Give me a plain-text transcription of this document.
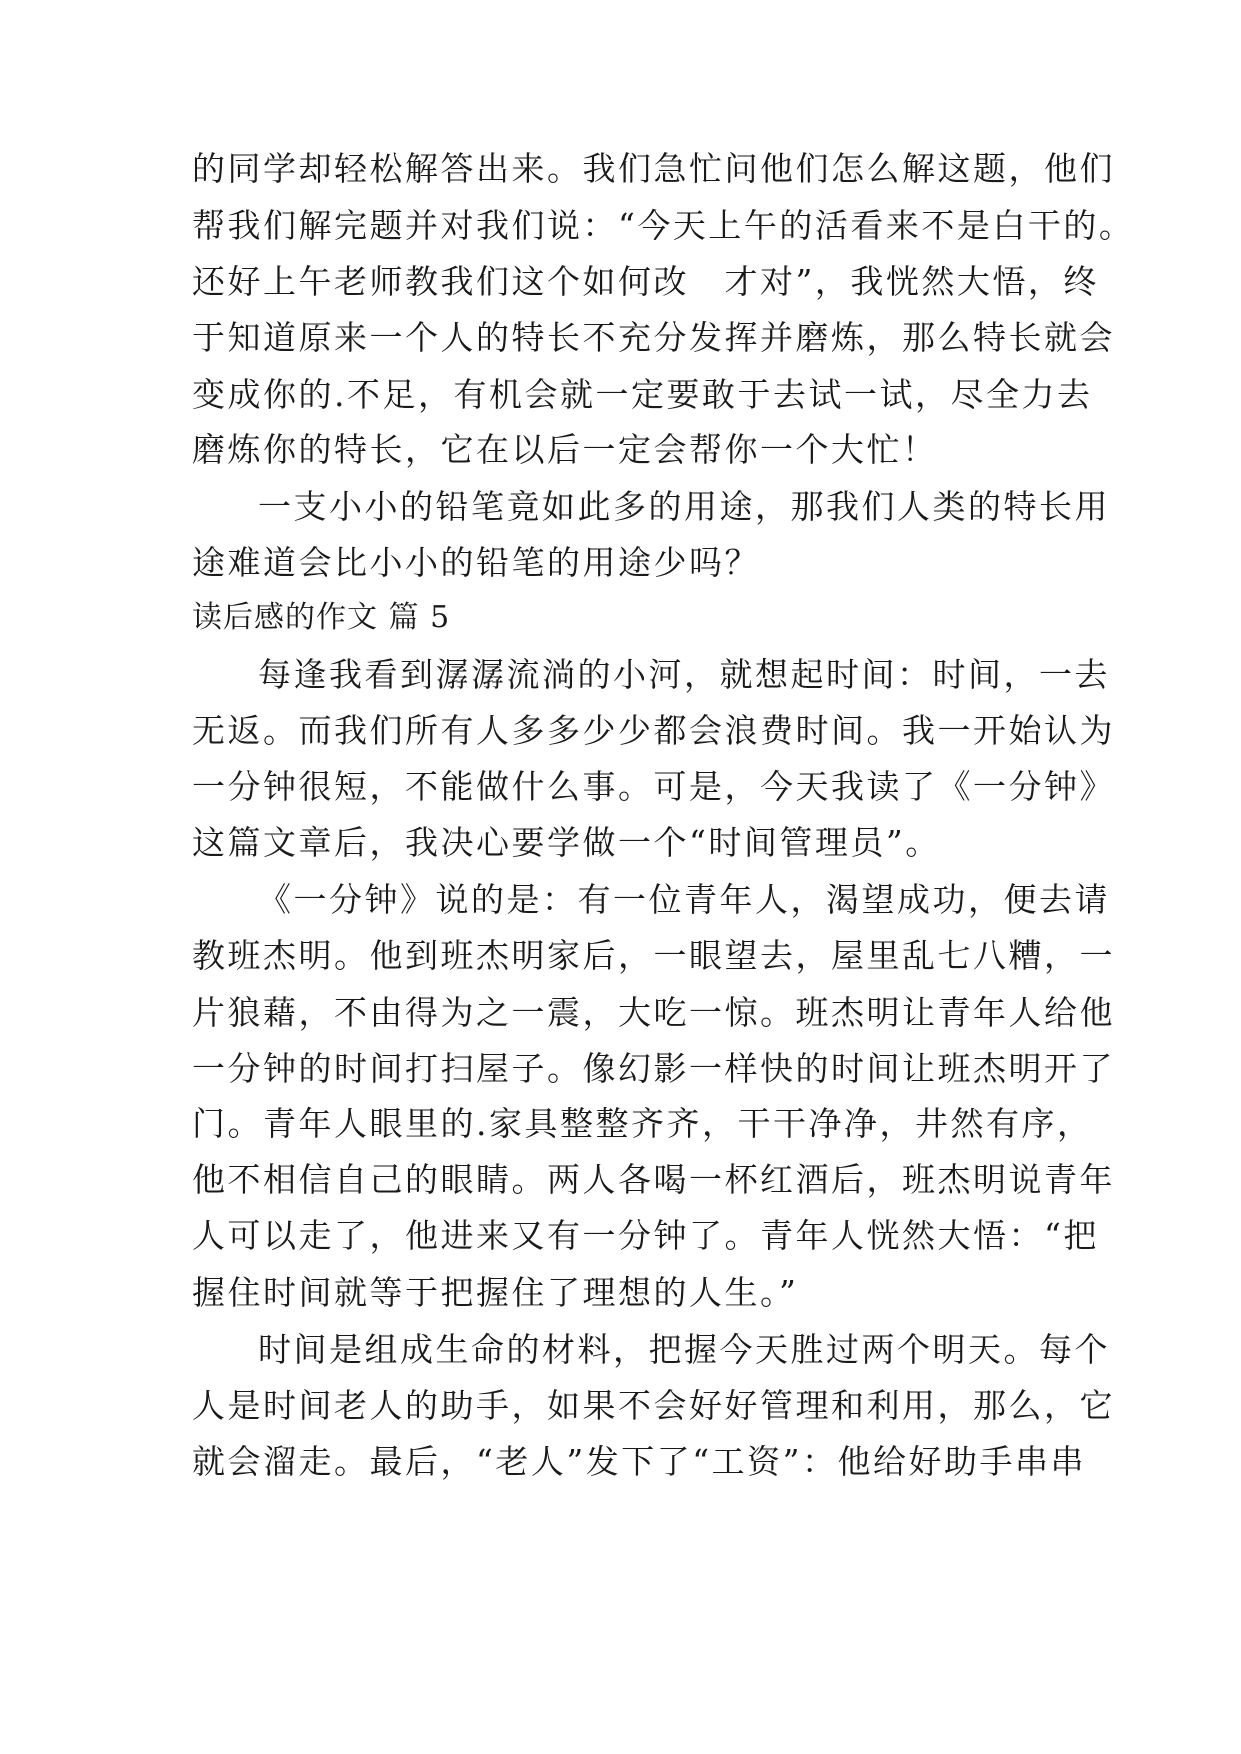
的同学却轻松解答出来。我们急忙问他们怎么解这题，他们
帮我们解完题并对我们说：“今天上午的活看来不是白干的。
还好上午老师教我们这个如何改　才对”，我恍然大悟，终
于知道原来一个人的特长不充分发挥并磨炼，那么特长就会
变成你的.不足，有机会就一定要敢于去试一试，尽全力去
磨炼你的特长，它在以后一定会帮你一个大忙！
一支小小的铅笔竟如此多的用途，那我们人类的特长用
途难道会比小小的铅笔的用途少吗？
读后感的作文 篇 5
每逢我看到潺潺流淌的小河，就想起时间：时间，一去
无返。而我们所有人多多少少都会浪费时间。我一开始认为
一分钟很短，不能做什么事。可是，今天我读了《一分钟》
这篇文章后，我决心要学做一个“时间管理员”。
《一分钟》说的是：有一位青年人，渴望成功，便去请
教班杰明。他到班杰明家后，一眼望去，屋里乱七八糟，一
片狼藉，不由得为之一震，大吃一惊。班杰明让青年人给他
一分钟的时间打扫屋子。像幻影一样快的时间让班杰明开了
门。青年人眼里的.家具整整齐齐，干干净净，井然有序，
他不相信自己的眼睛。两人各喝一杯红酒后，班杰明说青年
人可以走了，他进来又有一分钟了。青年人恍然大悟：“把
握住时间就等于把握住了理想的人生。”
时间是组成生命的材料，把握今天胜过两个明天。每个
人是时间老人的助手，如果不会好好管理和利用，那么，它
就会溜走。最后，“老人”发下了“工资”：他给好助手串串
